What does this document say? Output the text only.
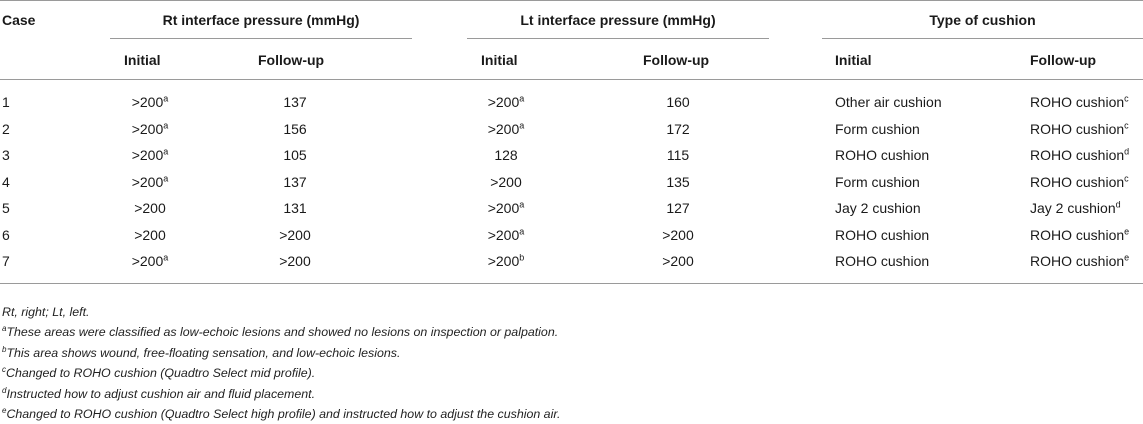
Case	Rt interface pressure (mmHg)	Lt interface pressure (mmHg)	Type of cushion
Initial	Follow-up	Initial	Follow-up	Initial	Follow-up
1	$>200^a$	137	$>200^a$	160	Other air cushion	ROHO cushion$^c$
2	$>200^a$	156	$>200^a$	172	Form cushion	ROHO cushion$^c$
3	$>200^a$	105	128	115	ROHO cushion	ROHO cushion$^d$
4	$>200^a$	137	>200	135	Form cushion	ROHO cushion$^c$
5	>200	131	$>200^a$	127	Jay 2 cushion	Jay 2 cushion$^d$
6	>200	>200	$>200^a$	>200	ROHO cushion	ROHO cushion$^e$
7	$>200^a$	>200	$>200^b$	>200	ROHO cushion	ROHO cushion$^e$
Rt, right; Lt, left.
$^a$These areas were classified as low-echoic lesions and showed no lesions on inspection or palpation.
$^b$This area shows wound, free-floating sensation, and low-echoic lesions.
$^c$Changed to ROHO cushion (Quadtro Select mid profile).
$^d$Instructed how to adjust cushion air and fluid placement.
$^e$Changed to ROHO cushion (Quadtro Select high profile) and instructed how to adjust the cushion air.
